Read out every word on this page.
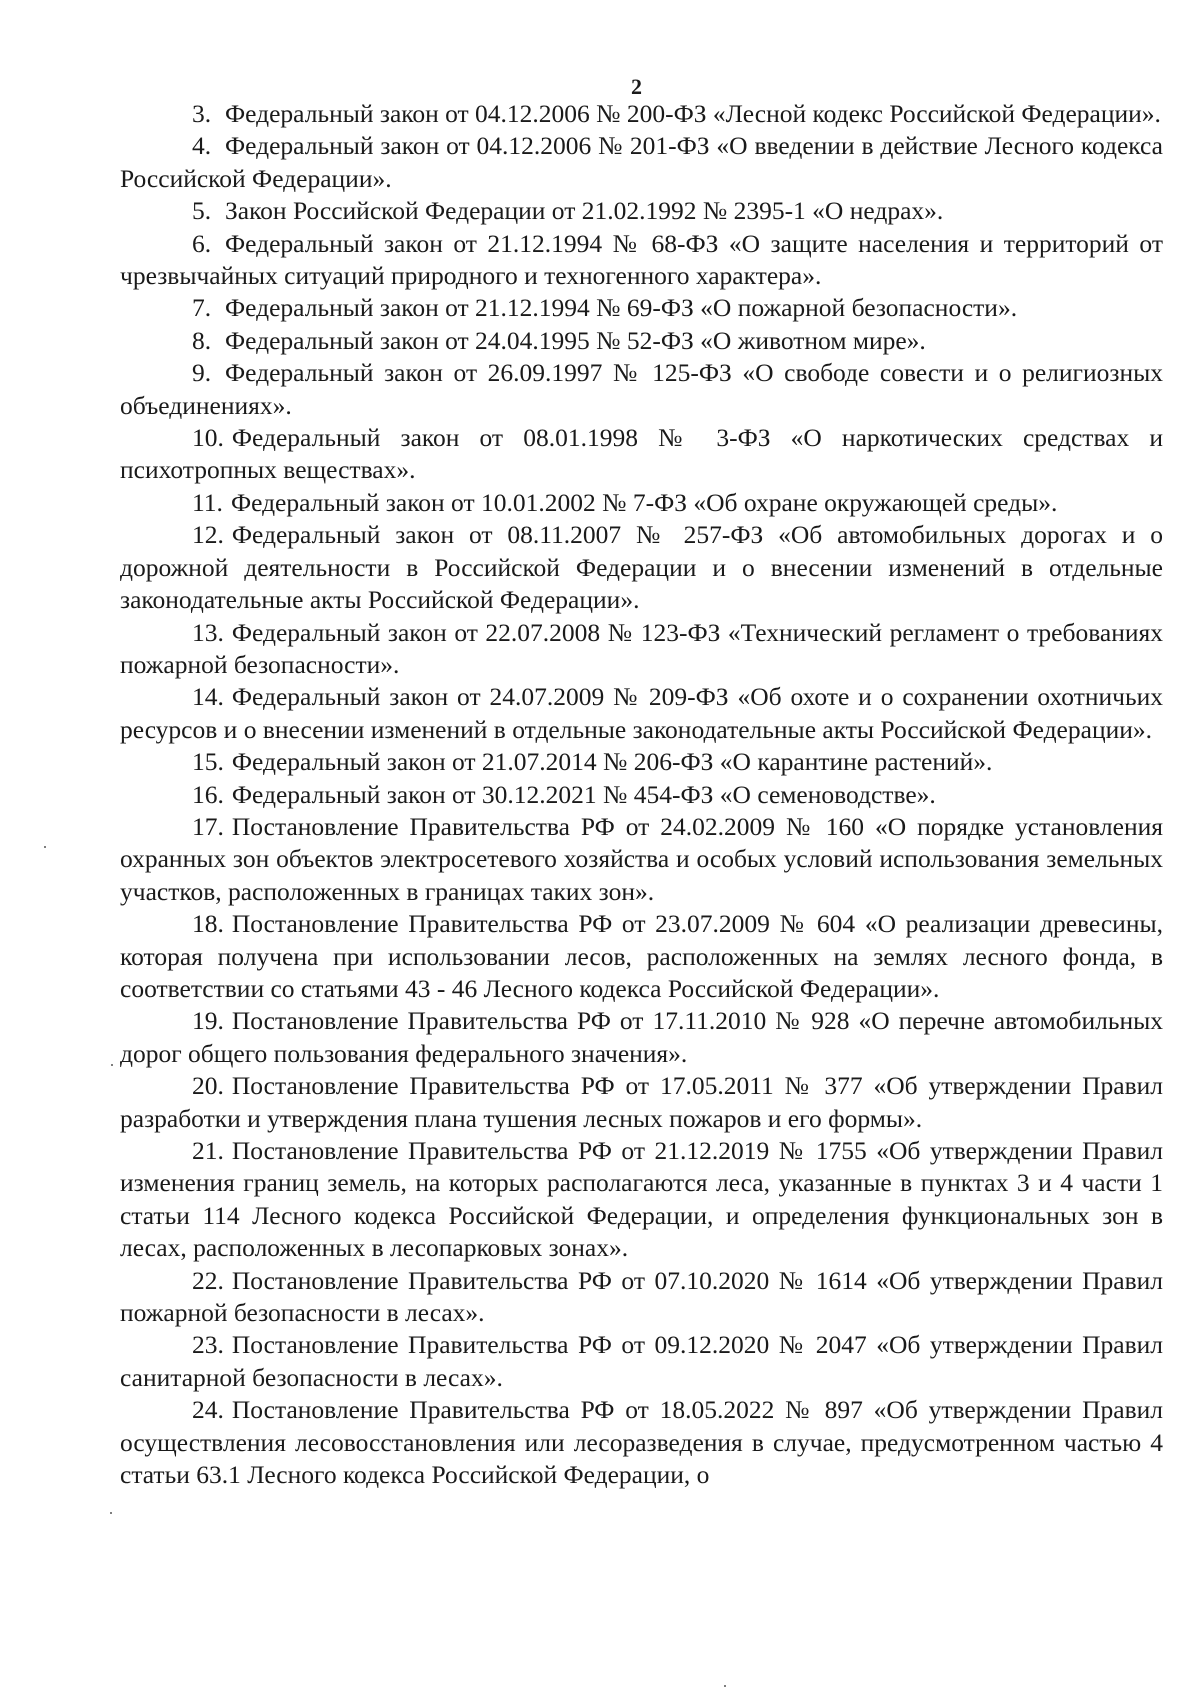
2

3. Федеральный закон от 04.12.2006 № 200-ФЗ «Лесной кодекс Российской Федерации».

4. Федеральный закон от 04.12.2006 № 201-ФЗ «О введении в действие Лесного кодекса Российской Федерации».

5. Закон Российской Федерации от 21.02.1992 № 2395-1 «О недрах».

6. Федеральный закон от 21.12.1994 № 68-ФЗ «О защите населения и территорий от чрезвычайных ситуаций природного и техногенного характера».

7. Федеральный закон от 21.12.1994 № 69-ФЗ «О пожарной безопасности».

8. Федеральный закон от 24.04.1995 № 52-ФЗ «О животном мире».

9. Федеральный закон от 26.09.1997 № 125-ФЗ «О свободе совести и о религиозных объединениях».

10. Федеральный закон от 08.01.1998 № 3-ФЗ «О наркотических средствах и психотропных веществах».

11. Федеральный закон от 10.01.2002 № 7-ФЗ «Об охране окружающей среды».

12. Федеральный закон от 08.11.2007 № 257-ФЗ «Об автомобильных дорогах и о дорожной деятельности в Российской Федерации и о внесении изменений в отдельные законодательные акты Российской Федерации».

13. Федеральный закон от 22.07.2008 № 123-ФЗ «Технический регламент о требованиях пожарной безопасности».

14. Федеральный закон от 24.07.2009 № 209-ФЗ «Об охоте и о сохранении охотничьих ресурсов и о внесении изменений в отдельные законодательные акты Российской Федерации».

15. Федеральный закон от 21.07.2014 № 206-ФЗ «О карантине растений».

16. Федеральный закон от 30.12.2021 № 454-ФЗ «О семеноводстве».

17. Постановление Правительства РФ от 24.02.2009 № 160 «О порядке установления охранных зон объектов электросетевого хозяйства и особых условий использования земельных участков, расположенных в границах таких зон».

18. Постановление Правительства РФ от 23.07.2009 № 604 «О реализации древесины, которая получена при использовании лесов, расположенных на землях лесного фонда, в соответствии со статьями 43 - 46 Лесного кодекса Российской Федерации».

19. Постановление Правительства РФ от 17.11.2010 № 928 «О перечне автомобильных дорог общего пользования федерального значения».

20. Постановление Правительства РФ от 17.05.2011 № 377 «Об утверждении Правил разработки и утверждения плана тушения лесных пожаров и его формы».

21. Постановление Правительства РФ от 21.12.2019 № 1755 «Об утверждении Правил изменения границ земель, на которых располагаются леса, указанные в пунктах 3 и 4 части 1 статьи 114 Лесного кодекса Российской Федерации, и определения функциональных зон в лесах, расположенных в лесопарковых зонах».

22. Постановление Правительства РФ от 07.10.2020 № 1614 «Об утверждении Правил пожарной безопасности в лесах».

23. Постановление Правительства РФ от 09.12.2020 № 2047 «Об утверждении Правил санитарной безопасности в лесах».

24. Постановление Правительства РФ от 18.05.2022 № 897 «Об утверждении Правил осуществления лесовосстановления или лесоразведения в случае, предусмотренном частью 4 статьи 63.1 Лесного кодекса Российской Федерации, о
